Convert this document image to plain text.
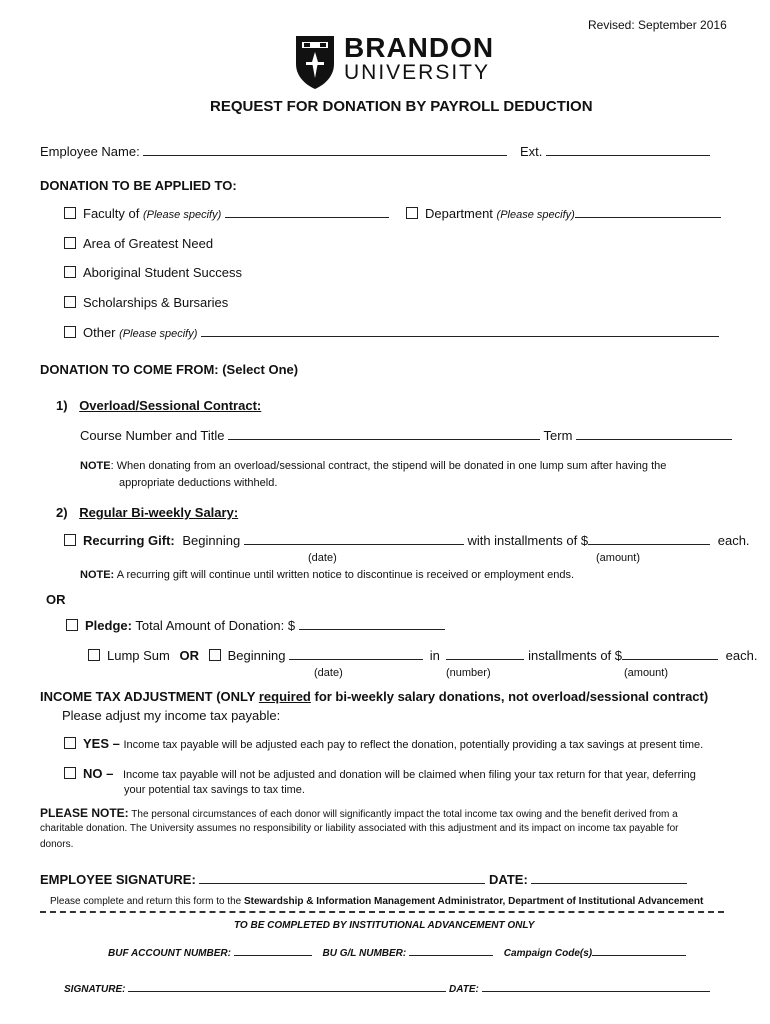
Revised: September 2016
BRANDON
UNIVERSITY
REQUEST FOR DONATION BY PAYROLL DEDUCTION
Employee Name:	Ext.
DONATION TO BE APPLIED TO:
Faculty of (Please specify)	Department (Please specify)
Area of Greatest Need
Aboriginal Student Success
Scholarships & Bursaries
Other (Please specify)
DONATION TO COME FROM: (Select One)
1) Overload/Sessional Contract:
Course Number and Title	Term
NOTE: When donating from an overload/sessional contract, the stipend will be donated in one lump sum after having the
appropriate deductions withheld.
2) Regular Bi-weekly Salary:
Recurring Gift: Beginning	with installments of $	each.
(date)	(amount)
NOTE: A recurring gift will continue until written notice to discontinue is received or employment ends.
OR
Pledge: Total Amount of Donation: $
Lump Sum OR Beginning	in	installments of $	each.
(date)	(number)	(amount)
INCOME TAX ADJUSTMENT (ONLY required for bi-weekly salary donations, not overload/sessional contract)
Please adjust my income tax payable:
YES – Income tax payable will be adjusted each pay to reflect the donation, potentially providing a tax savings at present time.
NO – Income tax payable will not be adjusted and donation will be claimed when filing your tax return for that year, deferring
your potential tax savings to tax time.
PLEASE NOTE: The personal circumstances of each donor will significantly impact the total income tax owing and the benefit derived from a
charitable donation. The University assumes no responsibility or liability associated with this adjustment and its impact on income tax payable for
donors.
EMPLOYEE SIGNATURE:	DATE:
Please complete and return this form to the Stewardship & Information Management Administrator, Department of Institutional Advancement
TO BE COMPLETED BY INSTITUTIONAL ADVANCEMENT ONLY
BUF ACCOUNT NUMBER:	BU G/L NUMBER:	Campaign Code(s)
SIGNATURE:	DATE:
